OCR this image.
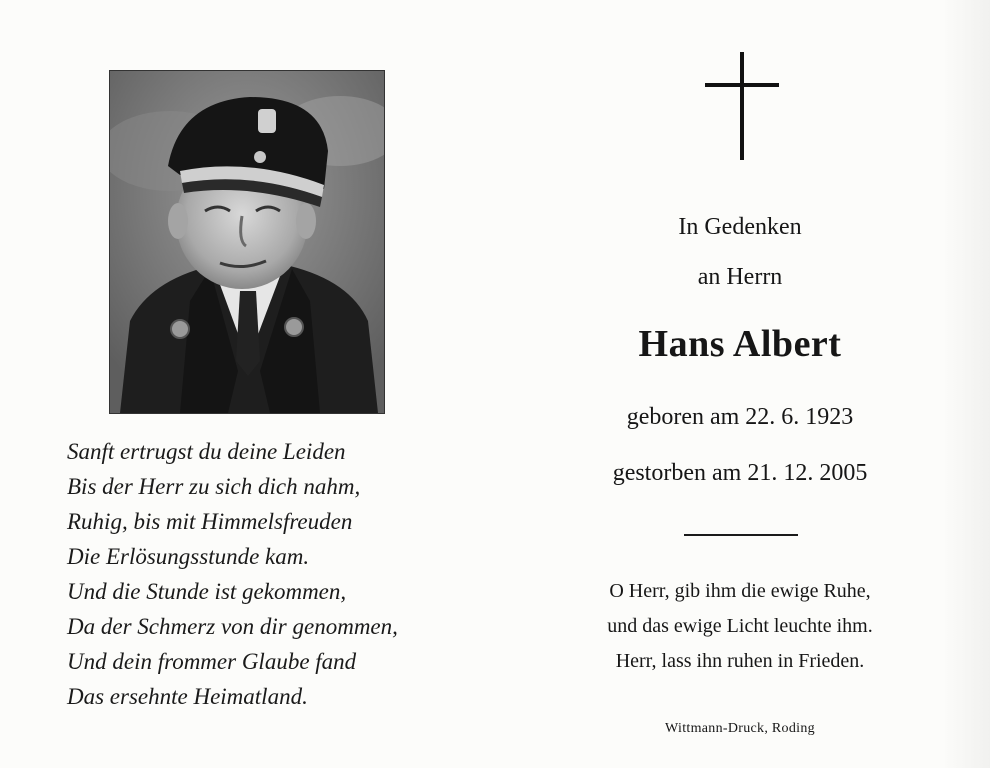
Sanft ertrugst du deine Leiden
Bis der Herr zu sich dich nahm,
Ruhig, bis mit Himmelsfreuden
Die Erlösungsstunde kam.
Und die Stunde ist gekommen,
Da der Schmerz von dir genommen,
Und dein frommer Glaube fand
Das ersehnte Heimatland.
In Gedenken
an Herrn
Hans Albert
geboren am 22. 6. 1923
gestorben am 21. 12. 2005
O Herr, gib ihm die ewige Ruhe,
und das ewige Licht leuchte ihm.
Herr, lass ihn ruhen in Frieden.
Wittmann-Druck, Roding
